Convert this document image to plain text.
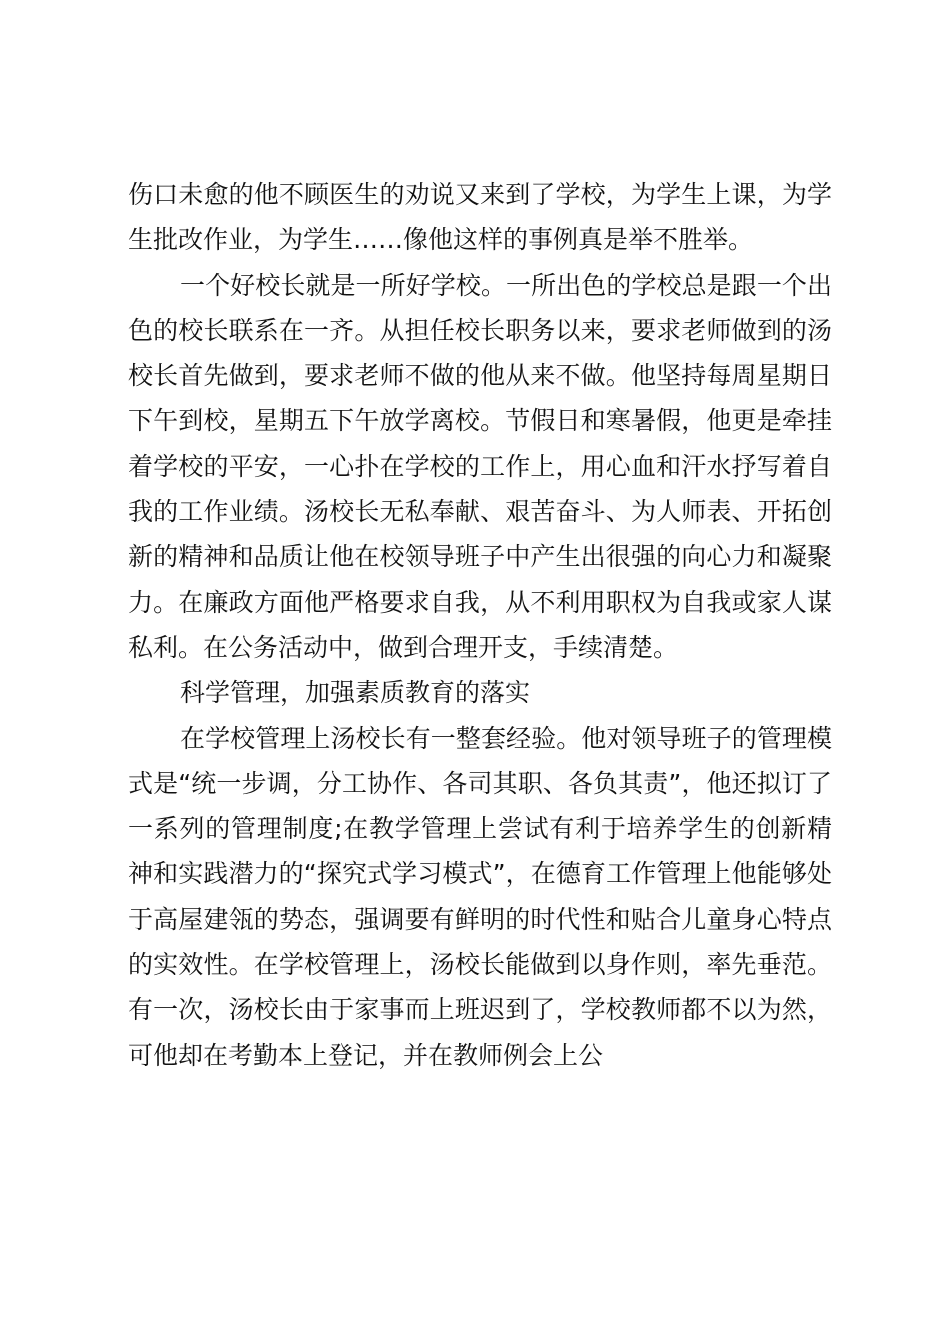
伤口未愈的他不顾医生的劝说又来到了学校，为学生上课，为学生批改作业，为学生……像他这样的事例真是举不胜举。

一个好校长就是一所好学校。一所出色的学校总是跟一个出色的校长联系在一齐。从担任校长职务以来，要求老师做到的汤校长首先做到，要求老师不做的他从来不做。他坚持每周星期日下午到校，星期五下午放学离校。节假日和寒暑假，他更是牵挂着学校的平安，一心扑在学校的工作上，用心血和汗水抒写着自我的工作业绩。汤校长无私奉献、艰苦奋斗、为人师表、开拓创新的精神和品质让他在校领导班子中产生出很强的向心力和凝聚力。在廉政方面他严格要求自我，从不利用职权为自我或家人谋私利。在公务活动中，做到合理开支，手续清楚。

科学管理，加强素质教育的落实

在学校管理上汤校长有一整套经验。他对领导班子的管理模式是“统一步调，分工协作、各司其职、各负其责”，他还拟订了一系列的管理制度;在教学管理上尝试有利于培养学生的创新精神和实践潜力的“探究式学习模式”，在德育工作管理上他能够处于高屋建瓴的势态，强调要有鲜明的时代性和贴合儿童身心特点的实效性。在学校管理上，汤校长能做到以身作则，率先垂范。有一次，汤校长由于家事而上班迟到了，学校教师都不以为然，可他却在考勤本上登记，并在教师例会上公
